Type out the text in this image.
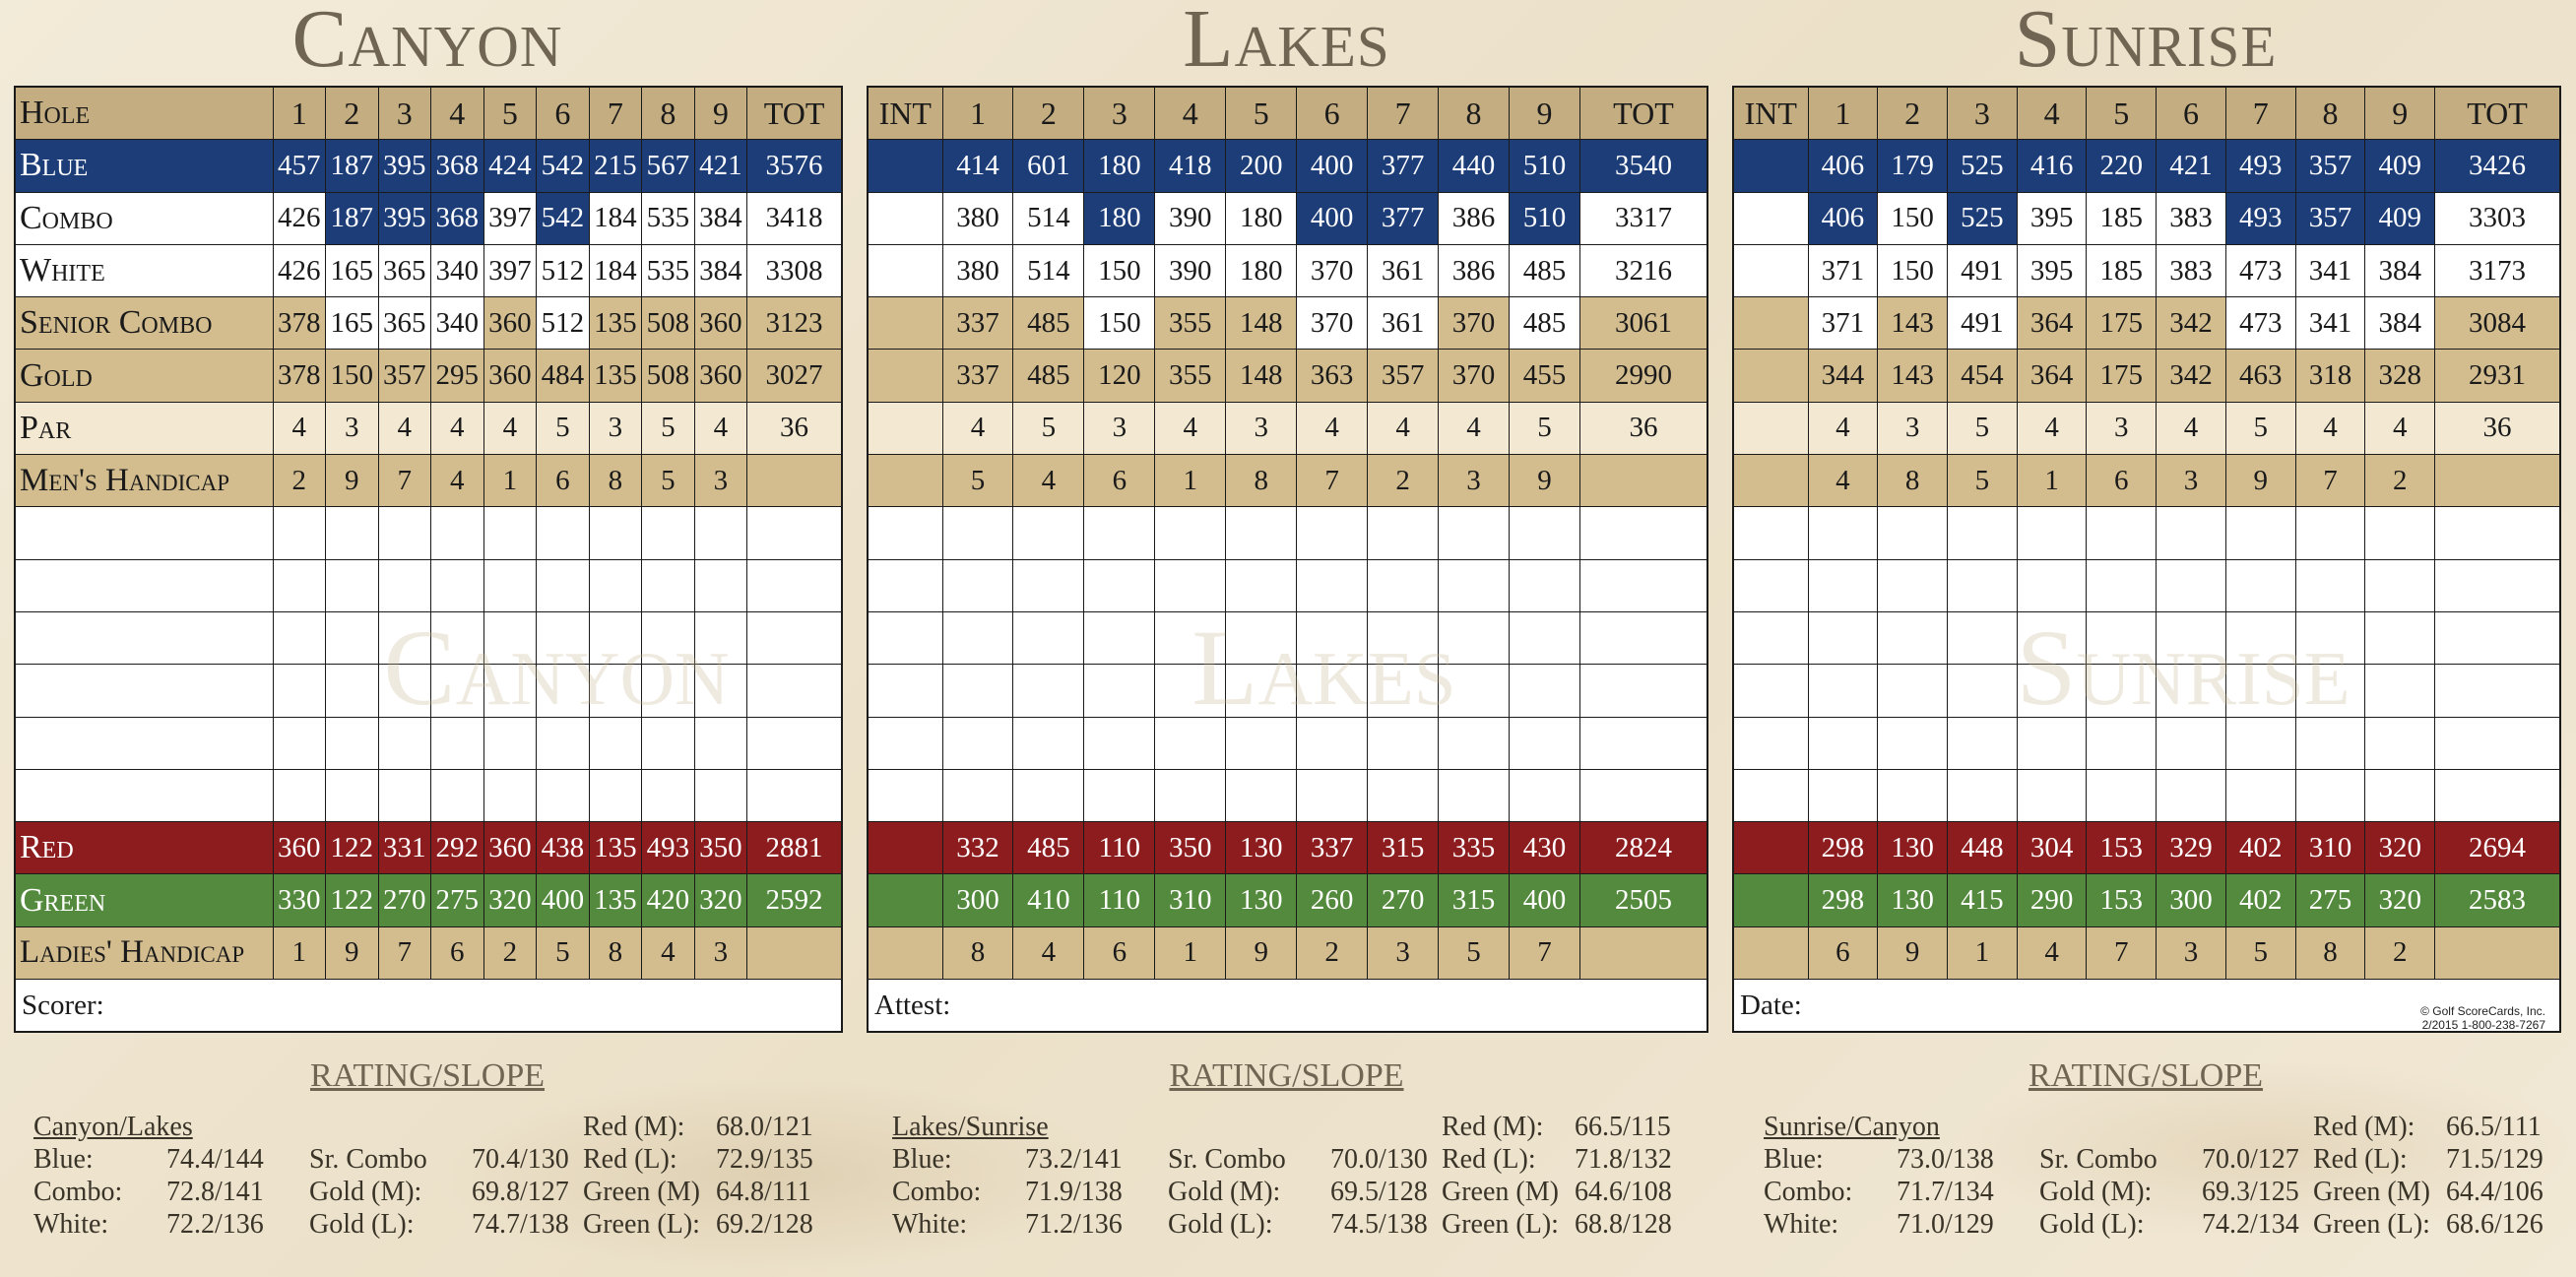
Canyon
Hole	1	2	3	4	5	6	7	8	9	TOT
Blue	457	187	395	368	424	542	215	567	421	3576
Combo	426	187	395	368	397	542	184	535	384	3418
White	426	165	365	340	397	512	184	535	384	3308
Senior Combo	378	165	365	340	360	512	135	508	360	3123
Gold	378	150	357	295	360	484	135	508	360	3027
Par	4	3	4	4	4	5	3	5	4	36
Men's Handicap	2	9	7	4	1	6	8	5	3	

Red	360	122	331	292	360	438	135	493	350	2881
Green	330	122	270	275	320	400	135	420	320	2592
Ladies' Handicap	1	9	7	6	2	5	8	4	3	
Scorer:										
Canyon
Lakes
INT	1	2	3	4	5	6	7	8	9	TOT
	414	601	180	418	200	400	377	440	510	3540
	380	514	180	390	180	400	377	386	510	3317
	380	514	150	390	180	370	361	386	485	3216
	337	485	150	355	148	370	361	370	485	3061
	337	485	120	355	148	363	357	370	455	2990
	4	5	3	4	3	4	4	4	5	36
	5	4	6	1	8	7	2	3	9	

	332	485	110	350	130	337	315	335	430	2824
	300	410	110	310	130	260	270	315	400	2505
	8	4	6	1	9	2	3	5	7	
Attest:										
Lakes
Sunrise
INT	1	2	3	4	5	6	7	8	9	TOT
	406	179	525	416	220	421	493	357	409	3426
	406	150	525	395	185	383	493	357	409	3303
	371	150	491	395	185	383	473	341	384	3173
	371	143	491	364	175	342	473	341	384	3084
	344	143	454	364	175	342	463	318	328	2931
	4	3	5	4	3	4	5	4	4	36
	4	8	5	1	6	3	9	7	2	

	298	130	448	304	153	329	402	310	320	2694
	298	130	415	290	153	300	402	275	320	2583
	6	9	1	4	7	3	5	8	2	
Date:										
Sunrise
© Golf ScoreCards, Inc.
2/2015 1-800-238-7267
RATING/SLOPE
Canyon/Lakes	Red (M): 68.0/121
Blue:	74.4/144 Sr. Combo 70.4/130 Red (L): 72.9/135
Combo: 72.8/141 Gold (M): 69.8/127 Green (M) 64.8/111
White: 72.2/136 Gold (L): 74.7/138 Green (L): 69.2/128
RATING/SLOPE
Lakes/Sunrise	Red (M): 66.5/115
Blue:	73.2/141 Sr. Combo 70.0/130 Red (L): 71.8/132
Combo: 71.9/138 Gold (M): 69.5/128 Green (M) 64.6/108
White: 71.2/136 Gold (L): 74.5/138 Green (L): 68.8/128
RATING/SLOPE
Sunrise/Canyon	Red (M): 66.5/111
Blue:	73.0/138 Sr. Combo 70.0/127 Red (L): 71.5/129
Combo: 71.7/134 Gold (M): 69.3/125 Green (M) 64.4/106
White: 71.0/129 Gold (L): 74.2/134 Green (L): 68.6/126
